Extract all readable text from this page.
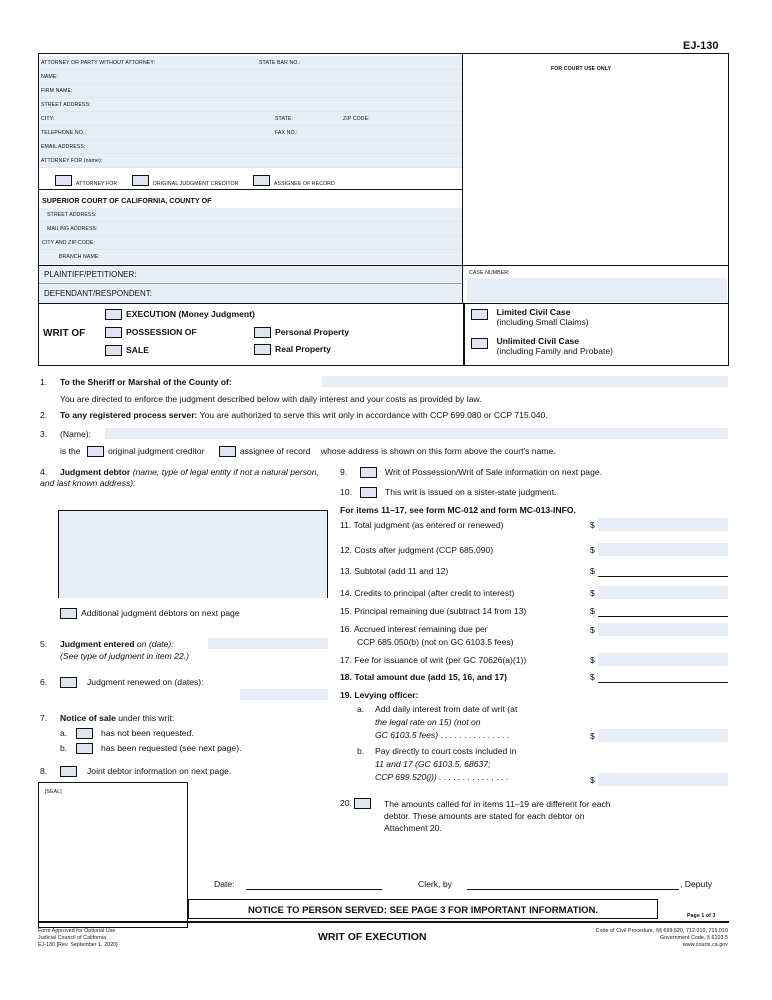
EJ-130
ATTORNEY OR PARTY WITHOUT ATTORNEY:	STATE BAR NO.:
NAME:
FIRM NAME:
STREET ADDRESS:
CITY:	STATE:	ZIP CODE:
TELEPHONE NO.:	FAX NO.:
EMAIL ADDRESS:
ATTORNEY FOR (name):
ATTORNEY FOR	ORIGINAL JUDGMENT CREDITOR	ASSIGNEE OF RECORD
FOR COURT USE ONLY
SUPERIOR COURT OF CALIFORNIA, COUNTY OF
STREET ADDRESS:
MAILING ADDRESS:
CITY AND ZIP CODE:
BRANCH NAME:
PLAINTIFF/PETITIONER:
DEFENDANT/RESPONDENT:
CASE NUMBER:
WRIT OF
EXECUTION (Money Judgment)
POSSESSION OF
SALE
Personal Property
Real Property

Limited Civil Case
(including Small Claims)

Unlimited Civil Case
(including Family and Probate)
1. To the Sheriff or Marshal of the County of:
You are directed to enforce the judgment described below with daily interest and your costs as provided by law.
2. To any registered process server: You are authorized to serve this writ only in accordance with CCP 699.080 or CCP 715.040.
3. (Name):
is the	original judgment creditor	assignee of record whose address is shown on this form above the court's name.
4. Judgment debtor (name, type of legal entity if not a natural person, and last known address):
Additional judgment debtors on next page
5. Judgment entered on (date):
(See type of judgment in item 22.)
6.	Judgment renewed on (dates):
7. Notice of sale under this writ:
a.	has not been requested.
b.	has been requested (see next page).
8.	Joint debtor information on next page.
[SEAL]
9.	Writ of Possession/Writ of Sale information on next page.
10.	This writ is issued on a sister-state judgment.
For items 11–17, see form MC-012 and form MC-013-INFO.
11. Total judgment (as entered or renewed)	$
12. Costs after judgment (CCP 685.090)	$
13. Subtotal (add 11 and 12)	$
14. Credits to principal (after credit to interest)	$
15. Principal remaining due (subtract 14 from 13)	$
16. Accrued interest remaining due per
CCP 685.050(b) (not on GC 6103.5 fees)
$
17. Fee for issuance of writ (per GC 70626(a)(1))	$
18. Total amount due (add 15, 16, and 17)	$
19. Levying officer:
a. Add daily interest from date of writ (at
the legal rate on 15) (not on
GC 6103.5 fees) . . . . . . . . . . . . . . .	$
b. Pay directly to court costs included in
11 and 17 (GC 6103.5, 68637;
CCP 699.520(j)) . . . . . . . . . . . . . . .	$
20.	The amounts called for in items 11–19 are different for each
debtor. These amounts are stated for each debtor on
Attachment 20.
Date:	Clerk, by	, Deputy
NOTICE TO PERSON SERVED: SEE PAGE 3 FOR IMPORTANT INFORMATION.	Page 1 of 3
Form Approved for Optional Use
Judicial Council of California
EJ-130 [Rev. September 1, 2020]
WRIT OF EXECUTION	Code of Civil Procedure, §§ 699.520, 712.010, 715.010
Government Code, § 6103.5
www.courts.ca.gov
